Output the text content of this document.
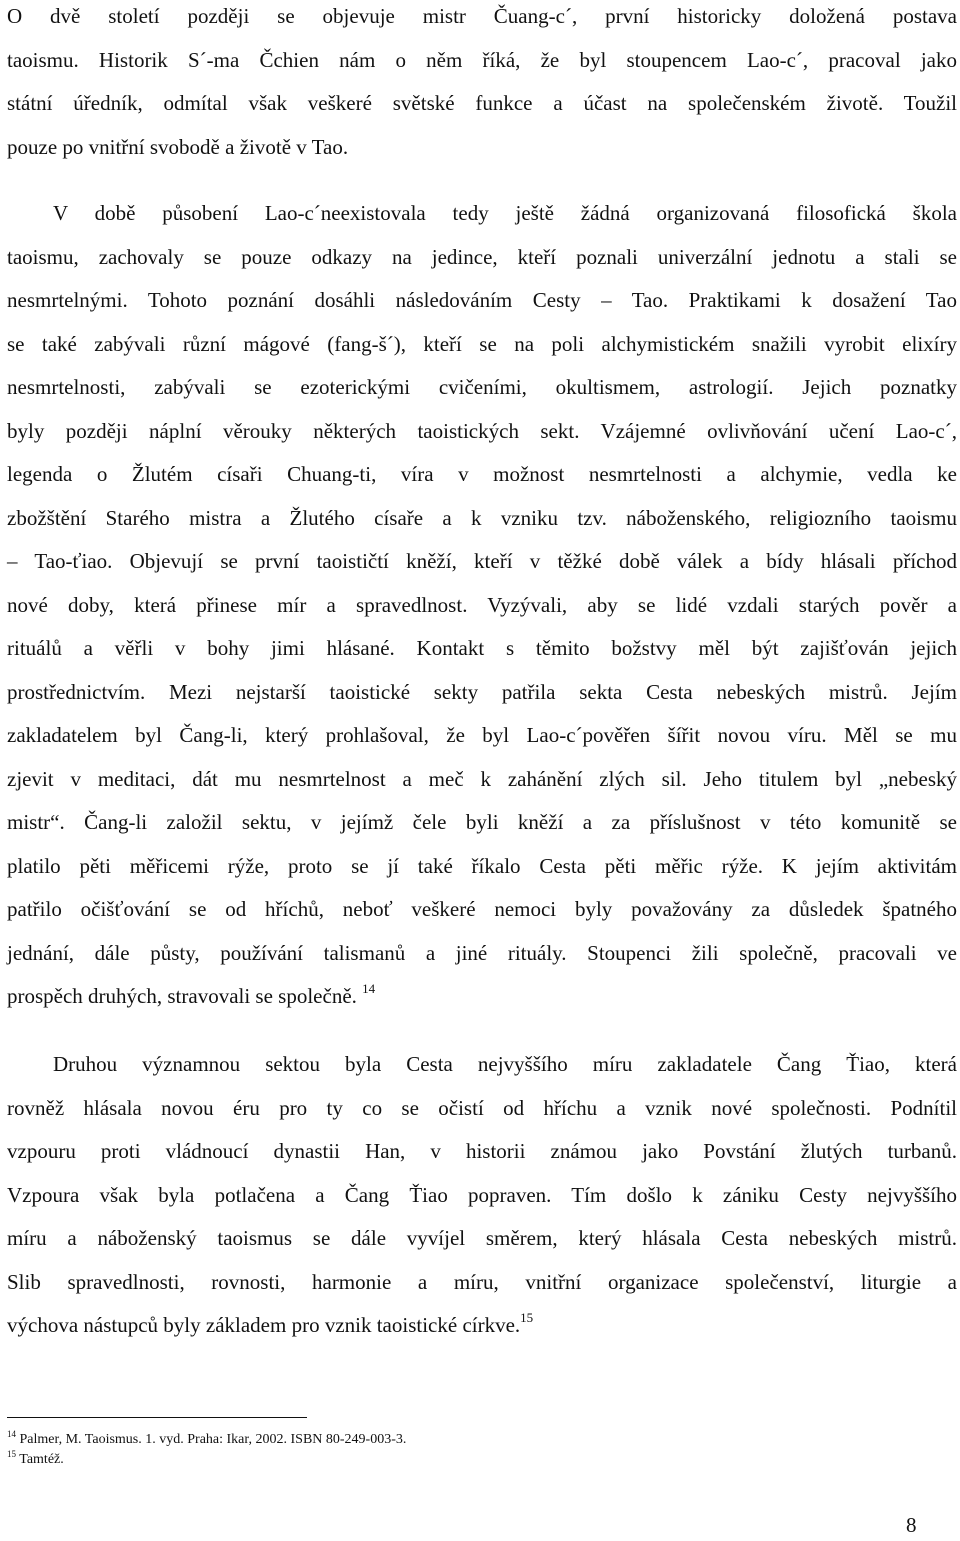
O dvě století později se objevuje mistr Čuang-c´, první historicky doložená postava
taoismu. Historik S´-ma Čchien nám o něm říká, že byl stoupencem Lao-c´, pracoval jako
státní úředník, odmítal však veškeré světské funkce a účast na společenském životě. Toužil
pouze po vnitřní svobodě a životě v Tao.
V době působení Lao-c´neexistovala tedy ještě žádná organizovaná filosofická škola
taoismu, zachovaly se pouze odkazy na jedince, kteří poznali univerzální jednotu a stali se
nesmrtelnými. Tohoto poznání dosáhli následováním Cesty – Tao. Praktikami k dosažení Tao
se také zabývali různí mágové (fang-š´), kteří se na poli alchymistickém snažili vyrobit elixíry
nesmrtelnosti, zabývali se ezoterickými cvičeními, okultismem, astrologií. Jejich poznatky
byly později náplní věrouky některých taoistických sekt. Vzájemné ovlivňování učení Lao-c´,
legenda o Žlutém císaři Chuang-ti, víra v možnost nesmrtelnosti a alchymie, vedla ke
zbožštění Starého mistra a Žlutého císaře a k vzniku tzv. náboženského, religiozního taoismu
– Tao-ťiao. Objevují se první taoističtí kněží, kteří v těžké době válek a bídy hlásali příchod
nové doby, která přinese mír a spravedlnost. Vyzývali, aby se lidé vzdali starých pověr a
rituálů a věřli v bohy jimi hlásané. Kontakt s těmito božstvy měl být zajišťován jejich
prostřednictvím. Mezi nejstarší taoistické sekty patřila sekta Cesta nebeských mistrů. Jejím
zakladatelem byl Čang-li, který prohlašoval, že byl Lao-c´pověřen šířit novou víru. Měl se mu
zjevit v meditaci, dát mu nesmrtelnost a meč k zahánění zlých sil. Jeho titulem byl „nebeský
mistr“. Čang-li založil sektu, v jejímž čele byli kněží a za příslušnost v této komunitě se
platilo pěti měřicemi rýže, proto se jí také říkalo Cesta pěti měřic rýže. K jejím aktivitám
patřilo očišťování se od hříchů, neboť veškeré nemoci byly považovány za důsledek špatného
jednání, dále půsty, používání talismanů a jiné rituály. Stoupenci žili společně, pracovali ve
prospěch druhých, stravovali se společně. $^{14}$
Druhou významnou sektou byla Cesta nejvyššího míru zakladatele Čang Ťiao, která
rovněž hlásala novou éru pro ty co se očistí od hříchu a vznik nové společnosti. Podnítil
vzpouru proti vládnoucí dynastii Han, v historii známou jako Povstání žlutých turbanů.
Vzpoura však byla potlačena a Čang Ťiao popraven. Tím došlo k zániku Cesty nejvyššího
míru a náboženský taoismus se dále vyvíjel směrem, který hlásala Cesta nebeských mistrů.
Slib spravedlnosti, rovnosti, harmonie a míru, vnitřní organizace společenství, liturgie a
výchova nástupců byly základem pro vznik taoistické církve.$^{15}$
$^{14}$ Palmer, M. Taoismus. 1. vyd. Praha: Ikar, 2002. ISBN 80-249-003-3.
$^{15}$ Tamtéž.
8
